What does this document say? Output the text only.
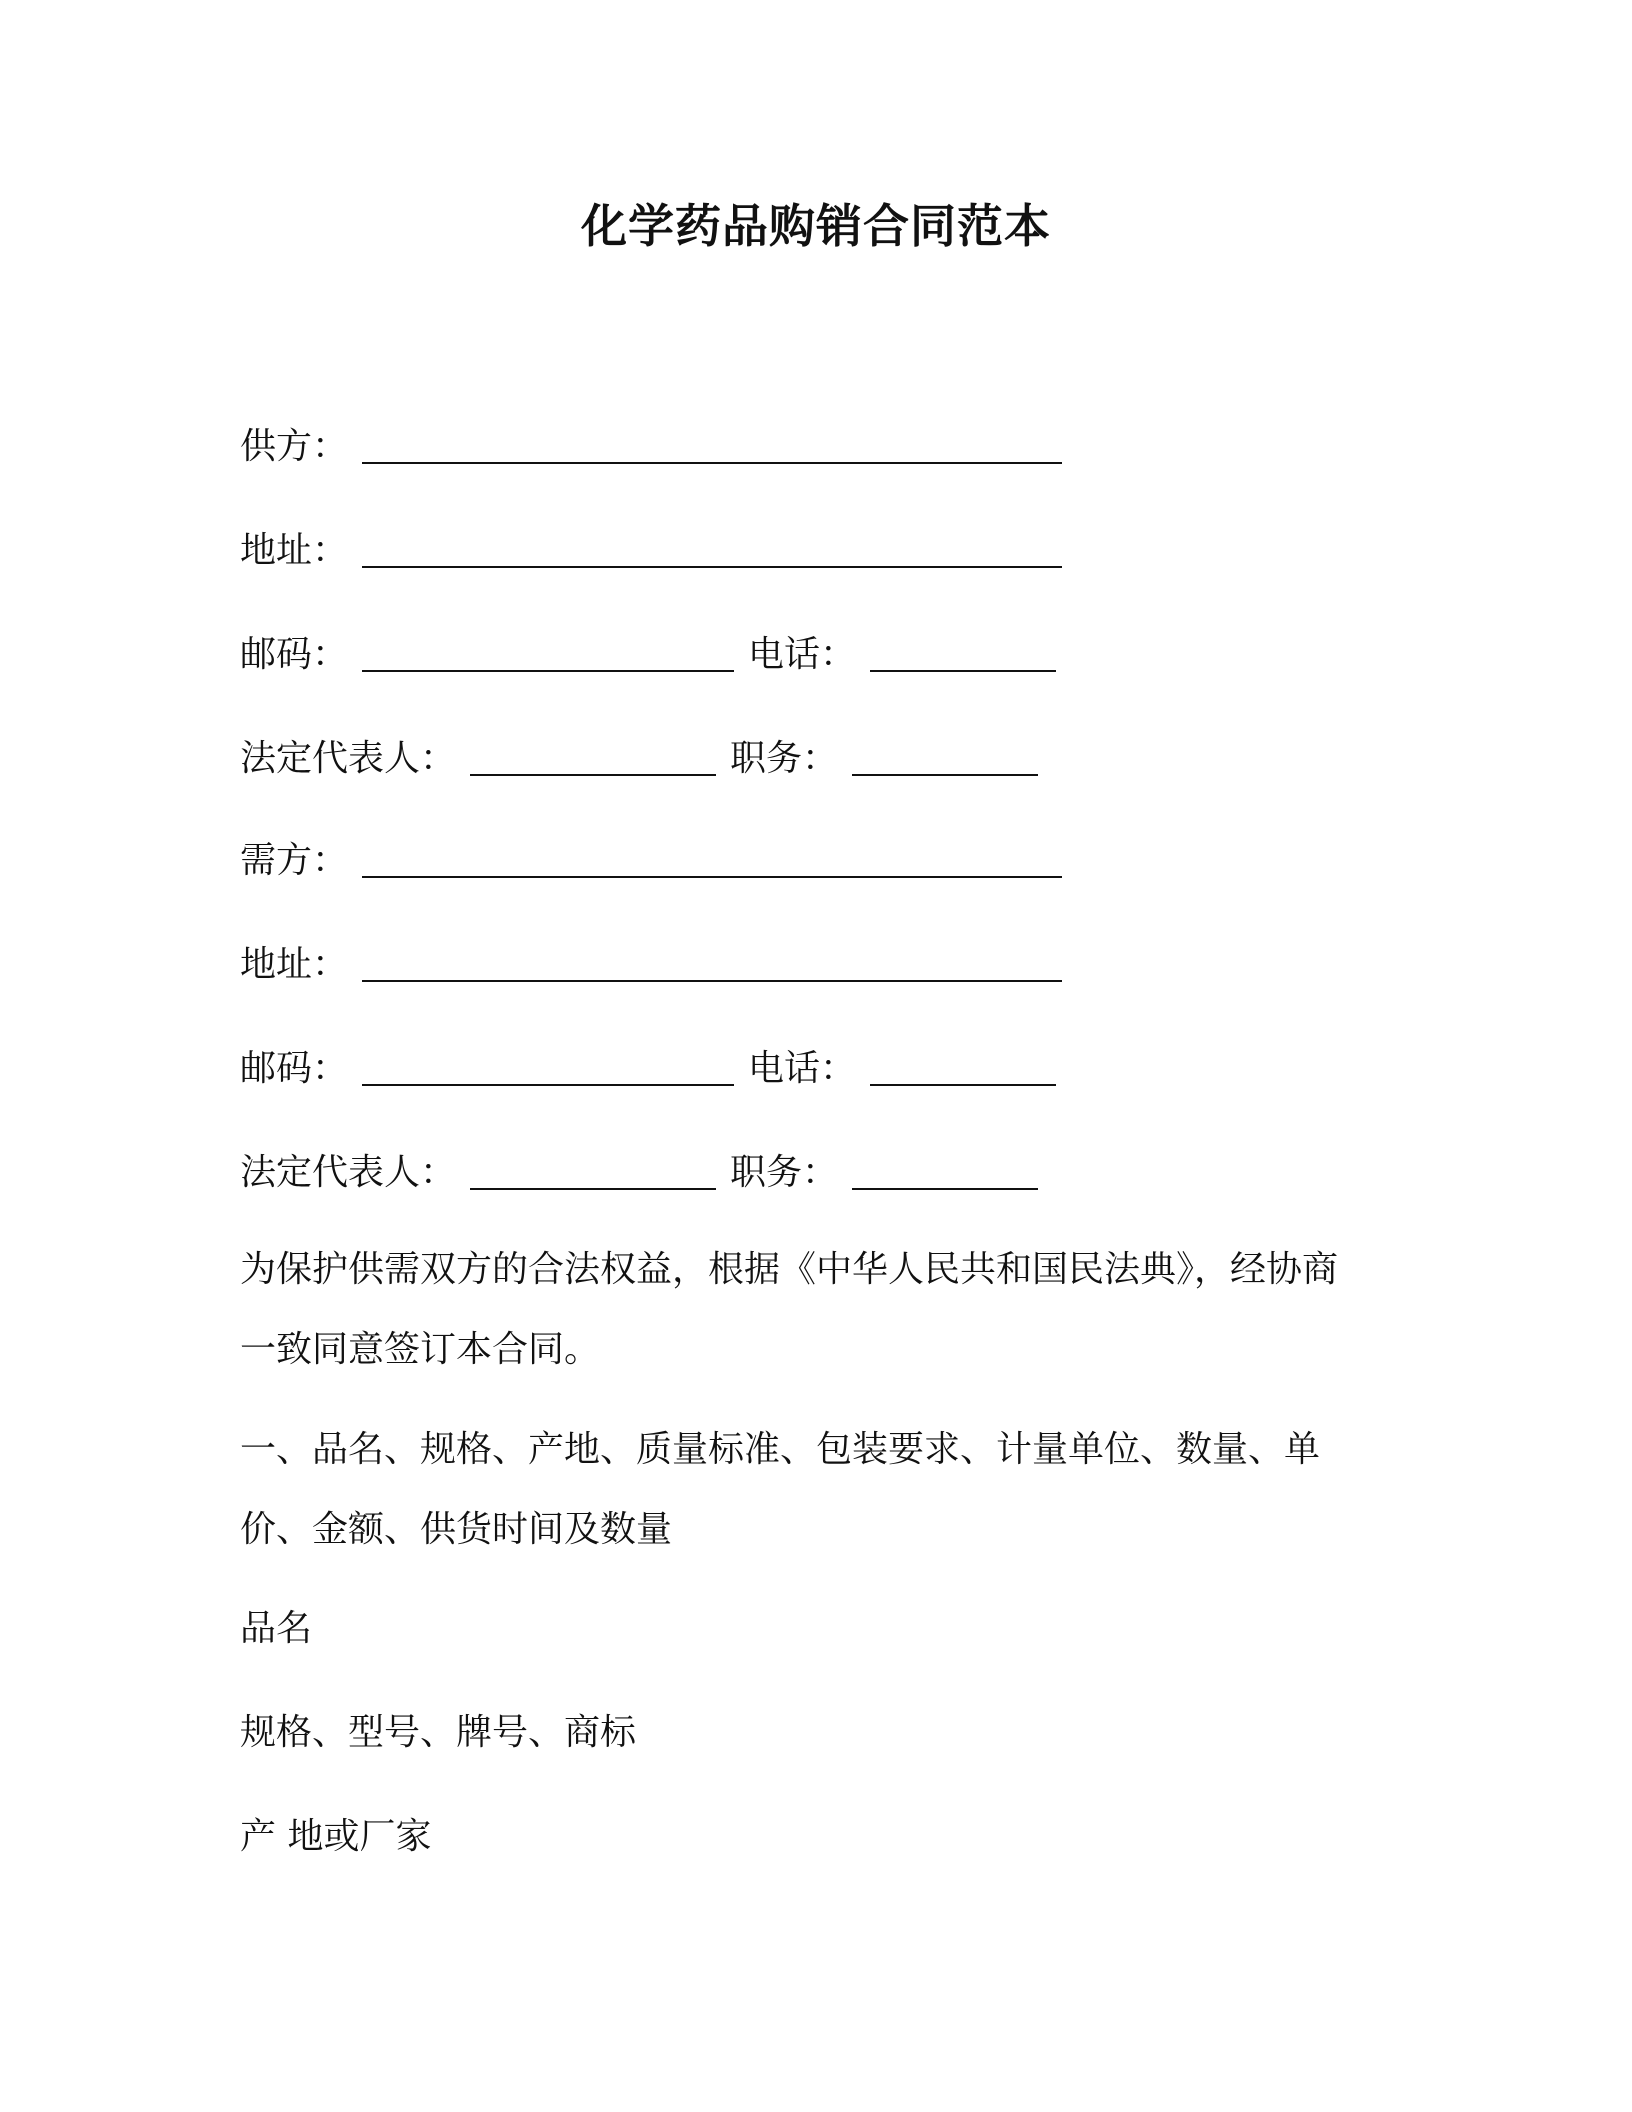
化学药品购销合同范本
供方：
地址：
邮码：	电话：
法定代表人：	职务：
需方：
地址：
邮码：	电话：
法定代表人：	职务：
为保护供需双方的合法权益，根据《中华人民共和国民法典》，经协商一致同意签订本合同。
一、品名、规格、产地、质量标准、包装要求、计量单位、数量、单价、金额、供货时间及数量
品名
规格、型号、牌号、商标
产 地或厂家
